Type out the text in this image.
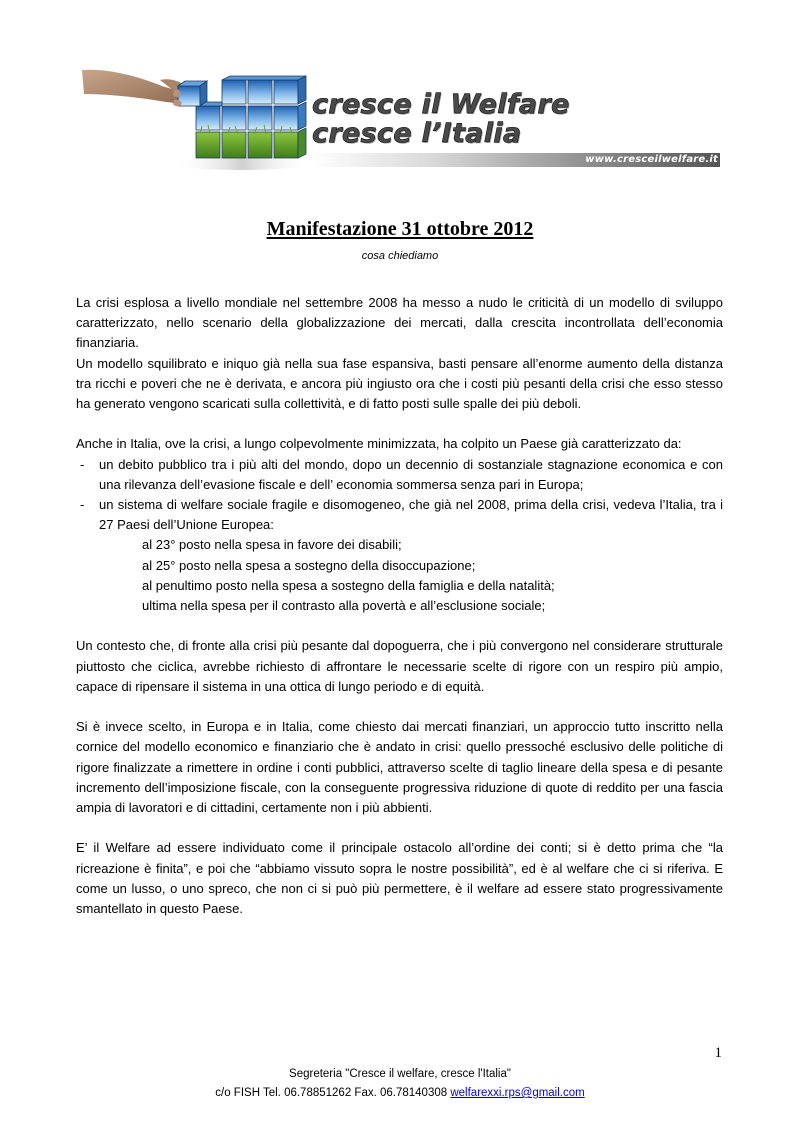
cresce il Welfare
cresce l’Italia
www.cresceilwelfare.it
Manifestazione 31 ottobre 2012
cosa chiediamo

La crisi esplosa a livello mondiale nel settembre 2008 ha messo a nudo le criticità di un modello di sviluppo caratterizzato, nello scenario della globalizzazione dei mercati, dalla crescita incontrollata dell’economia finanziaria.

Un modello squilibrato e iniquo già nella sua fase espansiva, basti pensare all’enorme aumento della distanza tra ricchi e poveri che ne è derivata, e ancora più ingiusto ora che i costi più pesanti della crisi che esso stesso ha generato vengono scaricati sulla collettività, e di fatto posti sulle spalle dei più deboli.

Anche in Italia, ove la crisi, a lungo colpevolmente minimizzata, ha colpito un Paese già caratterizzato da:

- un debito pubblico tra i più alti del mondo, dopo un decennio di sostanziale stagnazione economica e con una rilevanza dell’evasione fiscale e dell’ economia sommersa senza pari in Europa;
- un sistema di welfare sociale fragile e disomogeneo, che già nel 2008, prima della crisi, vedeva l’Italia, tra i 27 Paesi dell’Unione Europea:

al 23° posto nella spesa in favore dei disabili;

al 25° posto nella spesa a sostegno della disoccupazione;

al penultimo posto nella spesa a sostegno della famiglia e della natalità;

ultima nella spesa per il contrasto alla povertà e all’esclusione sociale;

Un contesto che, di fronte alla crisi più pesante dal dopoguerra, che i più convergono nel considerare strutturale piuttosto che ciclica, avrebbe richiesto di affrontare le necessarie scelte di rigore con un respiro più ampio, capace di ripensare il sistema in una ottica di lungo periodo e di equità.

Si è invece scelto, in Europa e in Italia, come chiesto dai mercati finanziari, un approccio tutto inscritto nella cornice del modello economico e finanziario che è andato in crisi: quello pressoché esclusivo delle politiche di rigore finalizzate a rimettere in ordine i conti pubblici, attraverso scelte di taglio lineare della spesa e di pesante incremento dell’imposizione fiscale, con la conseguente progressiva riduzione di quote di reddito per una fascia ampia di lavoratori e di cittadini, certamente non i più abbienti.

E’ il Welfare ad essere individuato come il principale ostacolo all’ordine dei conti; si è detto prima che “la ricreazione è finita”, e poi che “abbiamo vissuto sopra le nostre possibilità”, ed è al welfare che ci si riferiva. E come un lusso, o uno spreco, che non ci si può più permettere, è il welfare ad essere stato progressivamente smantellato in questo Paese.

1
Segreteria "Cresce il welfare, cresce l'Italia"
c/o FISH Tel. 06.78851262 Fax. 06.78140308 welfarexxi.rps@gmail.com
